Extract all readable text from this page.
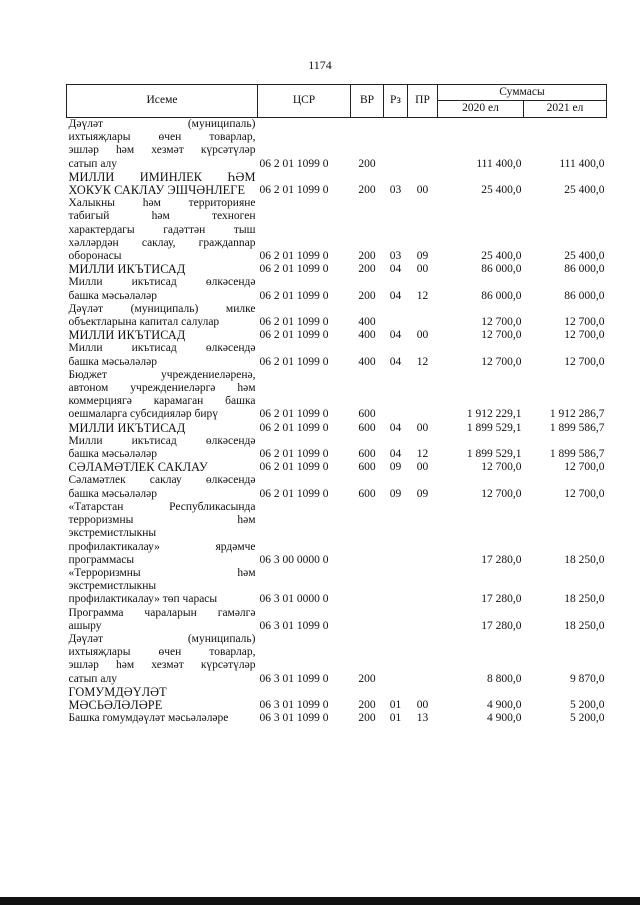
1174
Исеме	ЦСР	ВР	Рз	ПР	Суммасы	
					2020 ел	2021 ел

Дәүләт (муниципаль)
ихтыяҗлары өчен товарлар,
эшләр һәм хезмәт күрсәтүләр
сатып алу	06 2 01 1099 0	200			111 400,0	111 400,0

МИЛЛИ ИМИНЛЕК ҺӘМ
ХОКУК САКЛАУ ЭШЧӘНЛЕГЕ	06 2 01 1099 0	200	03	00	25 400,0	25 400,0

Халыкны һәм территорияне
табигый һәм техноген
характердагы гадәттән тыш
хәлләрдән саклау, граждannар
оборонасы	06 2 01 1099 0	200	03	09	25 400,0	25 400,0

МИЛЛИ ИКЪТИСАД	06 2 01 1099 0	200	04	00	86 000,0	86 000,0

Милли икътисад өлкәсендә
башка мәсьәләләр	06 2 01 1099 0	200	04	12	86 000,0	86 000,0

Дәүләт (муниципаль) милке
объектларына капитал салулар	06 2 01 1099 0	400			12 700,0	12 700,0

МИЛЛИ ИКЪТИСАД	06 2 01 1099 0	400	04	00	12 700,0	12 700,0

Милли икътисад өлкәсендә
башка мәсьәләләр	06 2 01 1099 0	400	04	12	12 700,0	12 700,0

Бюджет учреждениеләренә,
автоном учреждениеләргә һәм
коммерциягә карамаган башка
оешмаларга субсидияләр бирү	06 2 01 1099 0	600			1 912 229,1	1 912 286,7

МИЛЛИ ИКЪТИСАД	06 2 01 1099 0	600	04	00	1 899 529,1	1 899 586,7

Милли икътисад өлкәсендә
башка мәсьәләләр	06 2 01 1099 0	600	04	12	1 899 529,1	1 899 586,7

СӘЛАМӘТЛЕК САКЛАУ	06 2 01 1099 0	600	09	00	12 700,0	12 700,0

Сәламәтлек саклау өлкәсендә
башка мәсьәләләр	06 2 01 1099 0	600	09	09	12 700,0	12 700,0

«Татарстан Республикасында
терроризмны һәм
экстремистлыкны
профилактикалау» ярдәмче
программасы	06 3 00 0000 0				17 280,0	18 250,0

«Терроризмны һәм
экстремистлыкны
профилактикалау» төп чарасы	06 3 01 0000 0				17 280,0	18 250,0

Программа чараларын гамәлгә
ашыру	06 3 01 1099 0				17 280,0	18 250,0

Дәүләт (муниципаль)
ихтыяҗлары өчен товарлар,
эшләр һәм хезмәт күрсәтүләр
сатып алу	06 3 01 1099 0	200			8 800,0	9 870,0

ГОМУМДӘҮЛӘТ
МӘСЬӘЛӘЛӘРЕ	06 3 01 1099 0	200	01	00	4 900,0	5 200,0

Башка гомумдәүләт мәсьәләләре	06 3 01 1099 0	200	01	13	4 900,0	5 200,0
